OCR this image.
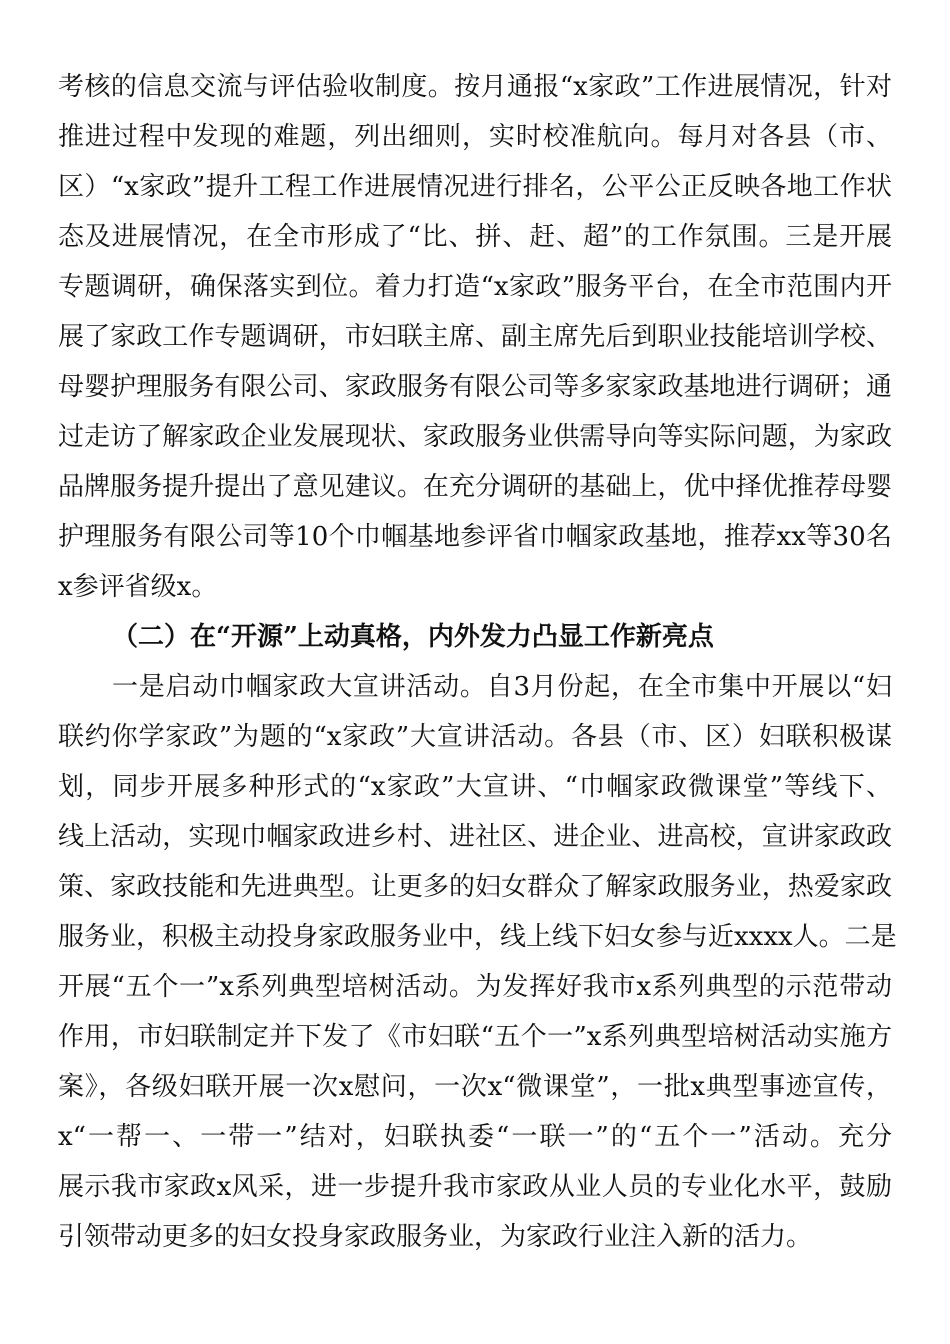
考核的信息交流与评估验收制度。按月通报“x家政”工作进展情况，针对
推进过程中发现的难题，列出细则，实时校准航向。每月对各县（市、
区）“x家政”提升工程工作进展情况进行排名，公平公正反映各地工作状
态及进展情况，在全市形成了“比、拼、赶、超”的工作氛围。三是开展
专题调研，确保落实到位。着力打造“x家政”服务平台，在全市范围内开
展了家政工作专题调研，市妇联主席、副主席先后到职业技能培训学校、
母婴护理服务有限公司、家政服务有限公司等多家家政基地进行调研；通
过走访了解家政企业发展现状、家政服务业供需导向等实际问题，为家政
品牌服务提升提出了意见建议。在充分调研的基础上，优中择优推荐母婴
护理服务有限公司等10个巾帼基地参评省巾帼家政基地，推荐xx等30名
x参评省级x。
（二）在“开源”上动真格，内外发力凸显工作新亮点
一是启动巾帼家政大宣讲活动。自3月份起，在全市集中开展以“妇
联约你学家政”为题的“x家政”大宣讲活动。各县（市、区）妇联积极谋
划，同步开展多种形式的“x家政”大宣讲、“巾帼家政微课堂”等线下、
线上活动，实现巾帼家政进乡村、进社区、进企业、进高校，宣讲家政政
策、家政技能和先进典型。让更多的妇女群众了解家政服务业，热爱家政
服务业，积极主动投身家政服务业中，线上线下妇女参与近xxxx人。二是
开展“五个一”x系列典型培树活动。为发挥好我市x系列典型的示范带动
作用，市妇联制定并下发了《市妇联“五个一”x系列典型培树活动实施方
案》，各级妇联开展一次x慰问，一次x“微课堂”，一批x典型事迹宣传，
x“一帮一、一带一”结对，妇联执委“一联一”的“五个一”活动。充分
展示我市家政x风采，进一步提升我市家政从业人员的专业化水平，鼓励
引领带动更多的妇女投身家政服务业，为家政行业注入新的活力。
